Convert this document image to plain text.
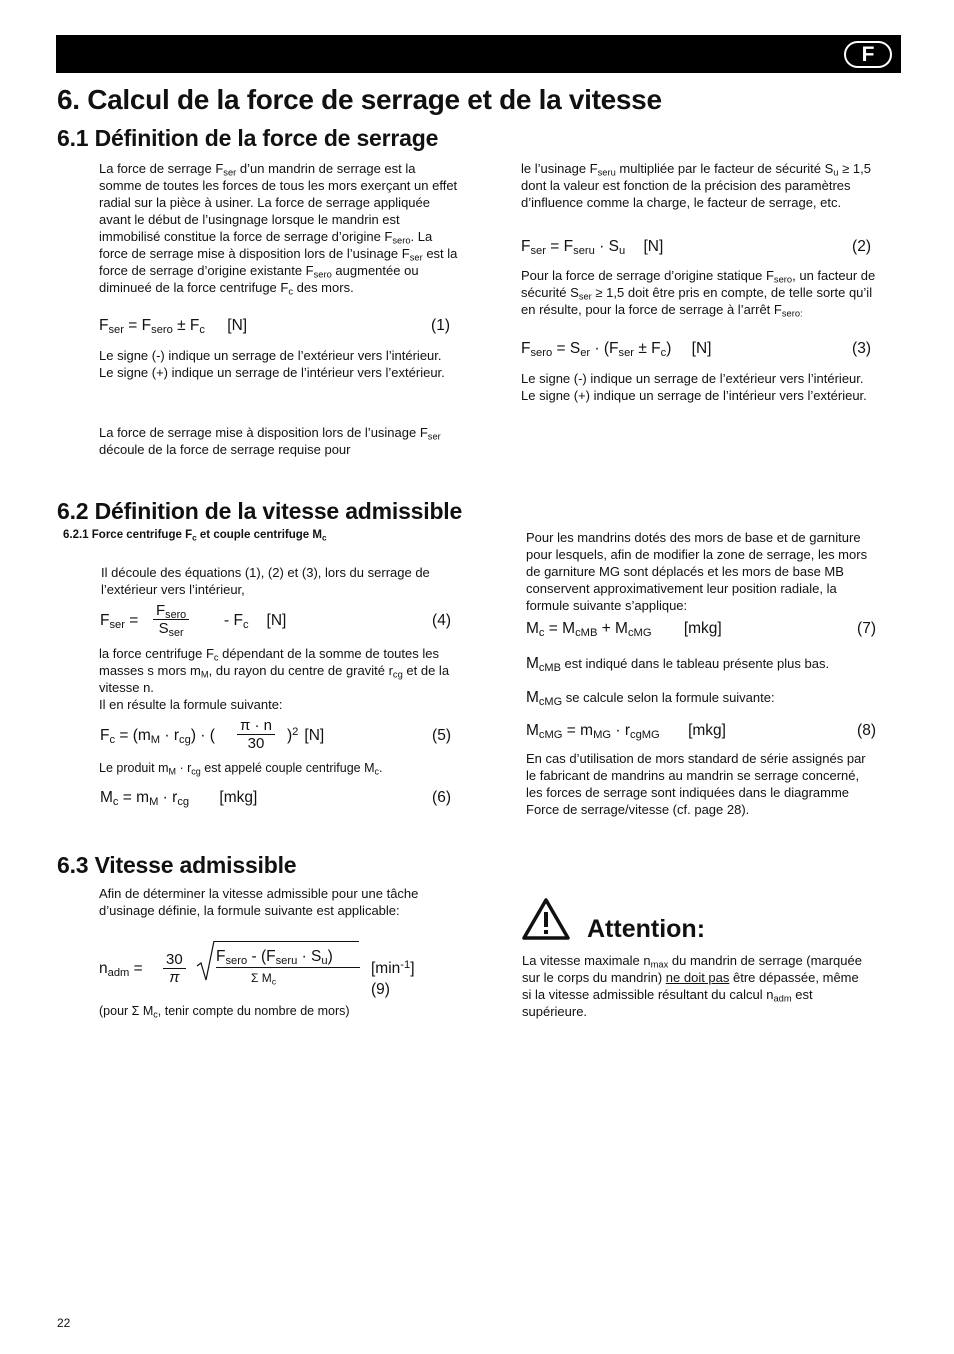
F
6. Calcul de la force de serrage et de la vitesse
6.1 Définition de la force de serrage

La force de serrage $F_{ser}$ d’un mandrin de serrage est la somme de toutes les forces de tous les mors exerçant un effet radial sur la pièce à usiner. La force de serrage appliquée avant le début de l’usingnage lorsque le mandrin est immobilisé constitue la force de serrage d’origine $F_{sero}$. La force de serrage mise à disposition lors de l’usinage $F_{ser}$ est la force de serrage d’origine existante $F_{sero}$ augmentée ou diminueé de la force centrifuge $F_c$ des mors.

$F_{ser} = F_{sero} \pm F_c$ [N]	(1)

Le signe (-) indique un serrage de l’extérieur vers l’intérieur.

Le signe (+) indique un serrage de l’intérieur vers l’extérieur.

La force de serrage mise à disposition lors de l’usinage $F_{ser}$ découle de la force de serrage requise pour

le l’usinage $F_{seru}$ multipliée par le facteur de sécurité $S_u \ge 1,5$ dont la valeur est fonction de la précision des paramètres d’influence comme la charge, le facteur de serrage, etc.

$F_{ser} = F_{seru} \cdot S_u$ [N]	(2)

Pour la force de serrage d’origine statique $F_{sero}$, un facteur de sécurité $S_{ser} \ge 1,5$ doit être pris en compte, de telle sorte qu’il en résulte, pour la force de serrage à l’arrêt $F_{sero:}$

$F_{sero} = S_{er} \cdot (F_{ser} \pm F_c)$ [N]	(3)

Le signe (-) indique un serrage de l’extérieur vers l’intérieur.

Le signe (+) indique un serrage de l’intérieur vers l’extérieur.

6.2 Définition de la vitesse admissible
6.2.1 Force centrifuge $F_c$ et couple centrifuge $M_c$
Il découle des équations (1), (2) et (3), lors du serrage de l’extérieur vers l’intérieur,
$F_{ser}$ =
$F_{sero}$
$S_{ser}$
- $F_c$ [N]	(4)

la force centrifuge $F_c$ dépendant de la somme de toutes les masses s mors $m_M$, du rayon du centre de gravité $r_{cg}$ et de la vitesse n.

Il en résulte la formule suivante:

$F_c = (m_M \cdot r_{cg})$ · ( $\frac{\pi \cdot n}{30} )^2$ [N]	(5)
Le produit $m_M \cdot r_{cg}$ est appelé couple centrifuge $M_c$.
$M_c = m_M \cdot r_{cg}$ [mkg]	(6)
Pour les mandrins dotés des mors de base et de garniture pour lesquels, afin de modifier la zone de serrage, les mors de garniture MG sont déplacés et les mors de base MB conservent approximativement leur position radiale, la formule suivante s’applique:
$M_c = M_{cMB} + M_{cMG}$ [mkg]	(7)
$M_{cMB}$ est indiqué dans le tableau présente plus bas.
$M_{cMG}$ se calcule selon la formule suivante:
$M_{cMG} = m_{MG} \cdot r_{cgMG}$ [mkg]	(8)
En cas d’utilisation de mors standard de série assignés par le fabricant de mandrins au mandrin se serrage concerné, les forces de serrage sont indiquées dans le diagramme Force de serrage/vitesse (cf. page 28).
6.3 Vitesse admissible
Afin de déterminer la vitesse admissible pour une tâche d’usinage définie, la formule suivante est applicable:
$n_{adm} = \frac{30}{\pi} F_{sero} - (F_{seru} \cdot S_u)$
Σ $M_c$
$[\min^{-1}]$
(9)
(pour Σ $M_c$, tenir compte du nombre de mors)
Attention:
La vitesse maximale $n_{max}$ du mandrin de serrage (marquée sur le corps du mandrin) ne doit pas être dépassée, même si la vitesse admissible résultant du calcul $n_{adm}$ est supérieure.
22
